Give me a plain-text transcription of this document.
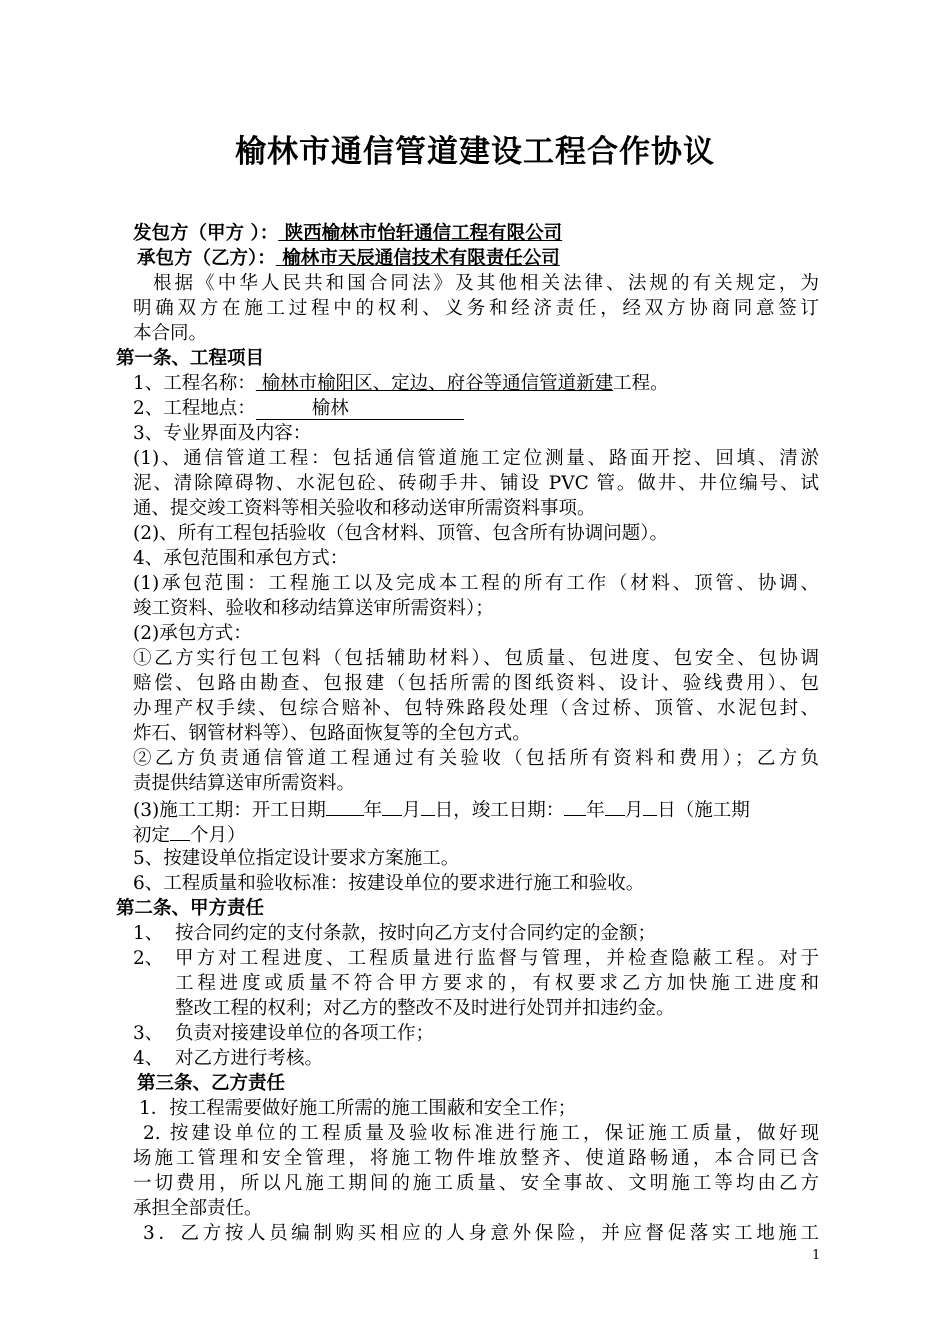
榆林市通信管道建设工程合作协议
发包方（甲方 ）： 陕西榆林市怡轩通信工程有限公司
承包方（乙方）： 榆林市天辰通信技术有限责任公司
根据《中华人民共和国合同法》及其他相关法律、法规的有关规定，为
明确双方在施工过程中的权利、义务和经济责任，经双方协商同意签订
本合同。
第一条、工程项目
1、工程名称： 榆林市榆阳区、定边、府谷等通信管道新建工程。
2、工程地点：	榆林
3、专业界面及内容：
(1)、通信管道工程：包括通信管道施工定位测量、路面开挖、回填、清淤
泥、清除障碍物、水泥包砼、砖砌手井、铺设 PVC 管。做井、井位编号、试
通、提交竣工资料等相关验收和移动送审所需资料事项。
(2)、所有工程包括验收（包含材料、顶管、包含所有协调问题）。
4、承包范围和承包方式：
(1)承包范围：工程施工以及完成本工程的所有工作（材料、顶管、协调、
竣工资料、验收和移动结算送审所需资料）；
(2)承包方式：
①乙方实行包工包料（包括辅助材料）、包质量、包进度、包安全、包协调
赔偿、包路由勘查、包报建（包括所需的图纸资料、设计、验线费用）、包
办理产权手续、包综合赔补、包特殊路段处理（含过桥、顶管、水泥包封、
炸石、钢管材料等）、包路面恢复等的全包方式。
②乙方负责通信管道工程通过有关验收（包括所有资料和费用）；乙方负
责提供结算送审所需资料。
(3)施工工期：开工日期 年 月 日，竣工日期： 年 月 日（施工期
初定 个月）
5、按建设单位指定设计要求方案施工。
6、工程质量和验收标准：按建设单位的要求进行施工和验收。
第二条、甲方责任
1、 按合同约定的支付条款，按时向乙方支付合同约定的金额；
2、 甲方对工程进度、工程质量进行监督与管理，并检查隐蔽工程。对于
工程进度或质量不符合甲方要求的，有权要求乙方加快施工进度和
整改工程的权利；对乙方的整改不及时进行处罚并扣违约金。
3、 负责对接建设单位的各项工作；
4、 对乙方进行考核。
第三条、乙方责任
1．按工程需要做好施工所需的施工围蔽和安全工作；
2. 按建设单位的工程质量及验收标准进行施工，保证施工质量，做好现
场施工管理和安全管理，将施工物件堆放整齐、使道路畅通，本合同已含
一切费用，所以凡施工期间的施工质量、安全事故、文明施工等均由乙方
承担全部责任。
3．乙方按人员编制购买相应的人身意外保险，并应督促落实工地施工
1
